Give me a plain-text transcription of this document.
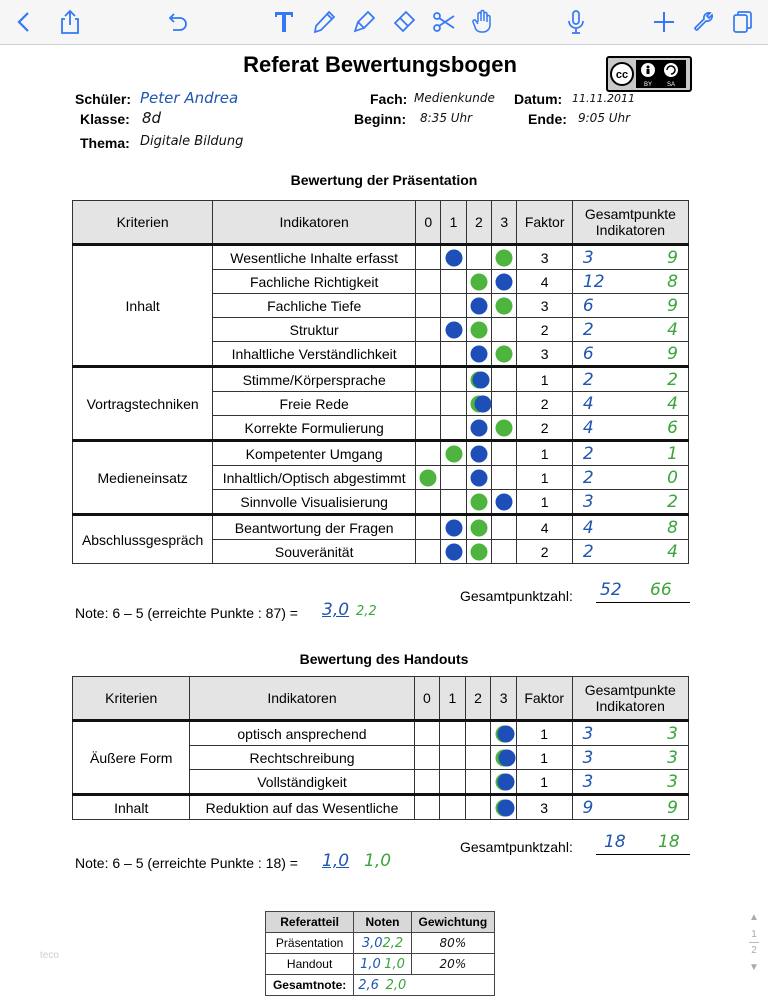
Referat Bewertungsbogen	cc
BY SA
Schüler: Peter Andrea
Klasse: 8d
Thema: Digitale Bildung
Fach: Medienkunde
Beginn: 8:35 Uhr
Datum: 11.11.2011
Ende: 9:05 Uhr
Bewertung der Präsentation
Kriterien	Indikatoren	0	1	2	3	Faktor	Gesamtpunkte Indikatoren
Inhalt	Wesentliche Inhalte erfasst					3	3 9

	Fachliche Richtigkeit					4	12 8

	Fachliche Tiefe					3	6 9

	Struktur					2	2 4

	Inhaltliche Verständlichkeit					3	6 9

Vortragstechniken	Stimme/Körpersprache					1	2 2

	Freie Rede					2	4 4

	Korrekte Formulierung					2	4 6

Medieneinsatz	Kompetenter Umgang					1	2 1

	Inhaltlich/Optisch abgestimmt					1	2 0

	Sinnvolle Visualisierung					1	3 2

Abschlussgespräch	Beantwortung der Fragen					4	4 8

	Souveränität					2	2 4
Gesamtpunktzahl: 52 66
Note: 6 – 5 (erreichte Punkte : 87) = 3,0 2,2
Bewertung des Handouts
Kriterien	Indikatoren	0	1	2	3	Faktor	Gesamtpunkte Indikatoren
Äußere Form	optisch ansprechend					1	3 3

	Rechtschreibung					1	3 3

	Vollständigkeit					1	3 3

Inhalt	Reduktion auf das Wesentliche					3	9 9
Gesamtpunktzahl: 18 18
Note: 6 – 5 (erreichte Punkte : 18) = 1,0 1,0
Referatteil	Noten	Gewichtung
Präsentation	3,02,2	80%
Handout	1,0 1,0	20%
Gesamtnote:	2,6 2,0	
teco
▲
1
2
▼
